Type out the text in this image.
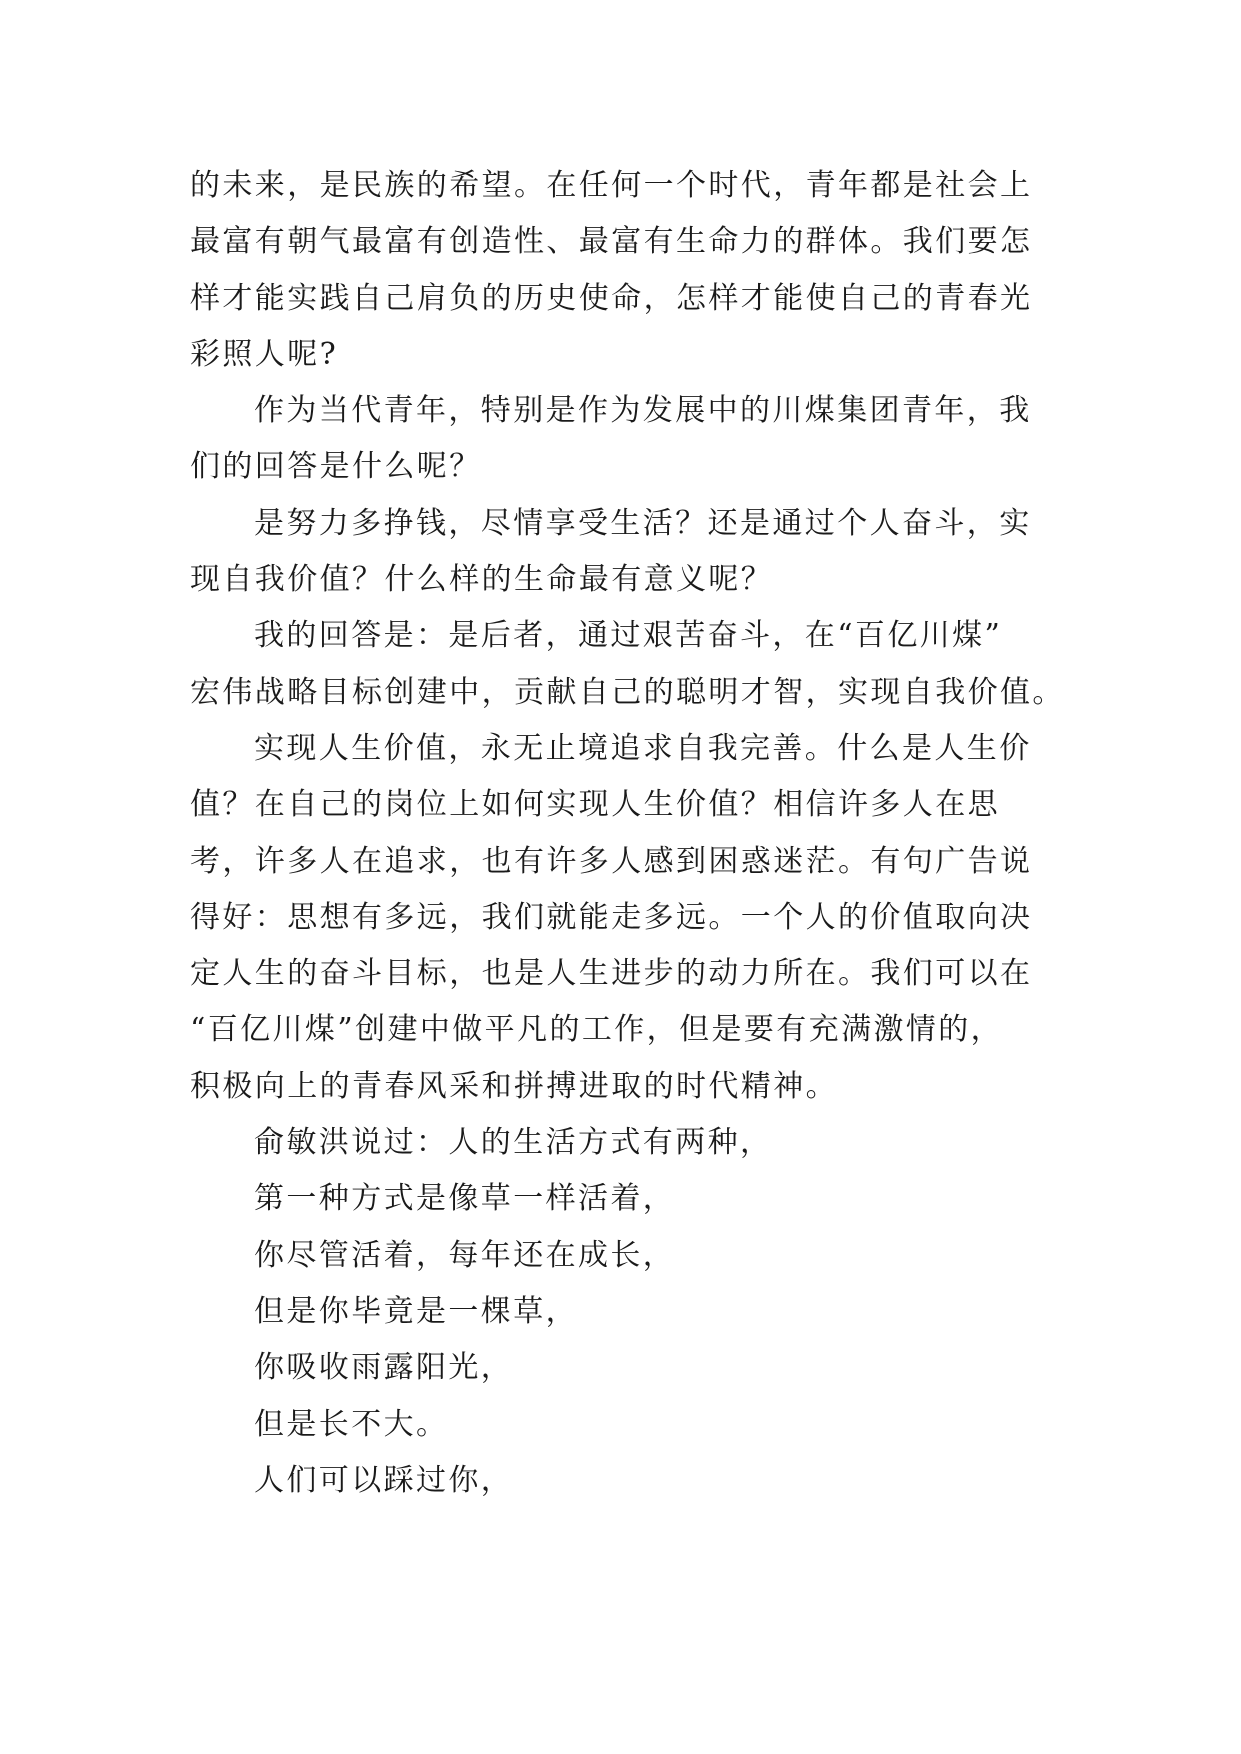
的未来，是民族的希望。在任何一个时代，青年都是社会上
最富有朝气最富有创造性、最富有生命力的群体。我们要怎
样才能实践自己肩负的历史使命，怎样才能使自己的青春光
彩照人呢?
作为当代青年，特别是作为发展中的川煤集团青年，我
们的回答是什么呢？
是努力多挣钱，尽情享受生活？还是通过个人奋斗，实
现自我价值？什么样的生命最有意义呢？
我的回答是：是后者，通过艰苦奋斗，在“百亿川煤”
宏伟战略目标创建中，贡献自己的聪明才智，实现自我价值。
实现人生价值，永无止境追求自我完善。什么是人生价
值？在自己的岗位上如何实现人生价值？相信许多人在思
考，许多人在追求，也有许多人感到困惑迷茫。有句广告说
得好：思想有多远，我们就能走多远。一个人的价值取向决
定人生的奋斗目标，也是人生进步的动力所在。我们可以在
“百亿川煤”创建中做平凡的工作，但是要有充满激情的，
积极向上的青春风采和拼搏进取的时代精神。
俞敏洪说过：人的生活方式有两种，
第一种方式是像草一样活着，
你尽管活着，每年还在成长，
但是你毕竟是一棵草，
你吸收雨露阳光，
但是长不大。
人们可以踩过你，
